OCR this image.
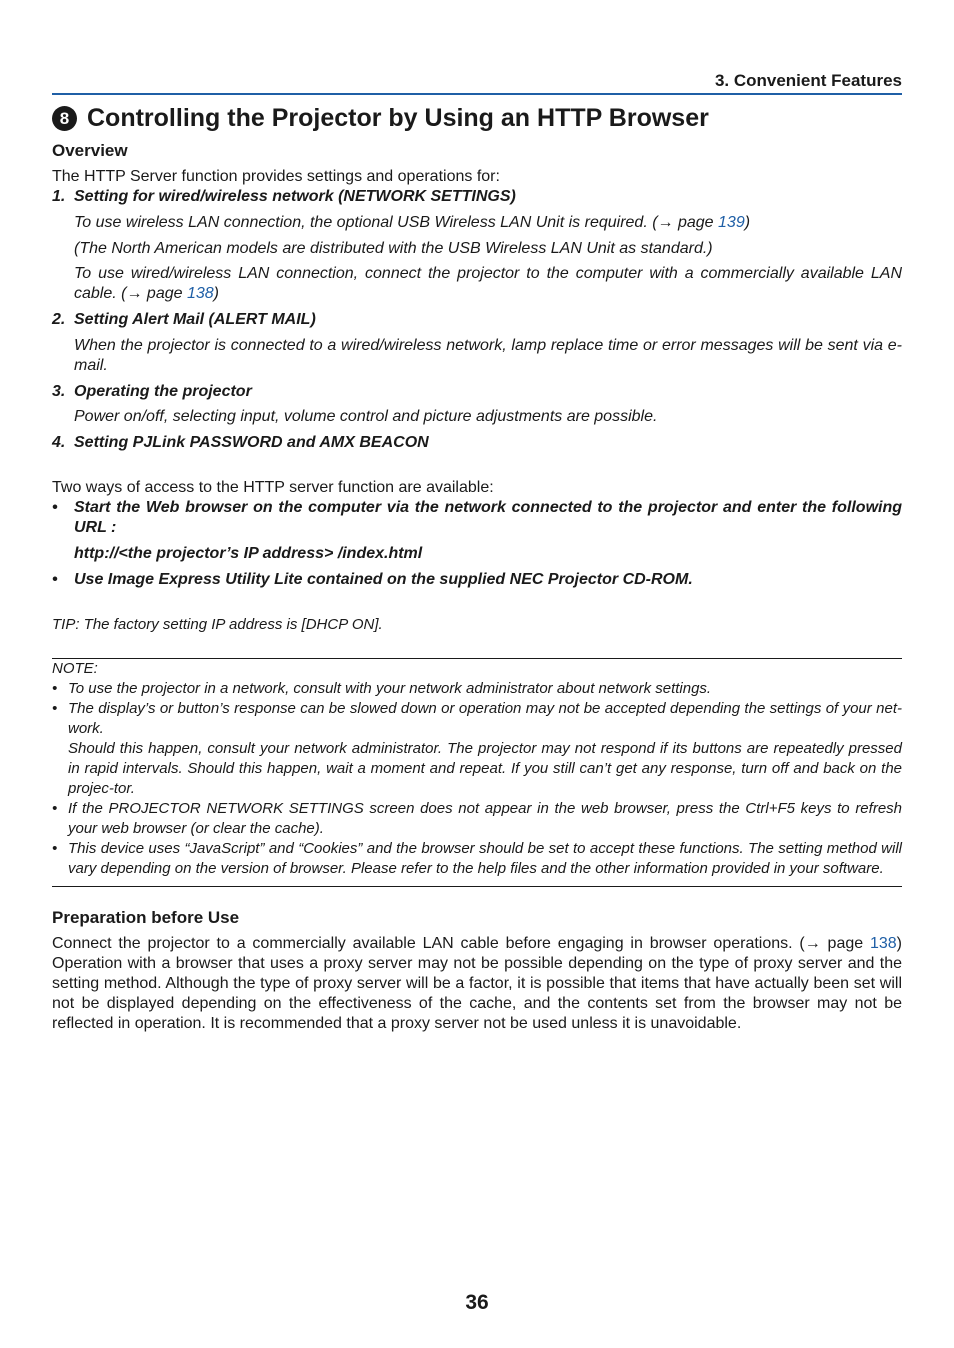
3. Convenient Features
8 Controlling the Projector by Using an HTTP Browser
Overview
The HTTP Server function provides settings and operations for:
1. Setting for wired/wireless network (NETWORK SETTINGS)
To use wireless LAN connection, the optional USB Wireless LAN Unit is required. (→ page 139)
(The North American models are distributed with the USB Wireless LAN Unit as standard.)
To use wired/wireless LAN connection, connect the projector to the computer with a commercially available LAN cable. (→ page 138)
2. Setting Alert Mail (ALERT MAIL)
When the projector is connected to a wired/wireless network, lamp replace time or error messages will be sent via e-mail.
3. Operating the projector
Power on/off, selecting input, volume control and picture adjustments are possible.
4. Setting PJLink PASSWORD and AMX BEACON
Two ways of access to the HTTP server function are available:
• Start the Web browser on the computer via the network connected to the projector and enter the following URL :
http://<the projector’s IP address> /index.html
• Use Image Express Utility Lite contained on the supplied NEC Projector CD-ROM.
TIP: The factory setting IP address is [DHCP ON].
NOTE:
• To use the projector in a network, consult with your network administrator about network settings.
• The display’s or button’s response can be slowed down or operation may not be accepted depending the settings of your net-work.
Should this happen, consult your network administrator. The projector may not respond if its buttons are repeatedly pressed in rapid intervals. Should this happen, wait a moment and repeat. If you still can’t get any response, turn off and back on the projec-tor.
• If the PROJECTOR NETWORK SETTINGS screen does not appear in the web browser, press the Ctrl+F5 keys to refresh your web browser (or clear the cache).
• This device uses “JavaScript” and “Cookies” and the browser should be set to accept these functions. The setting method will vary depending on the version of browser. Please refer to the help files and the other information provided in your software.
Preparation before Use
Connect the projector to a commercially available LAN cable before engaging in browser operations. (→ page 138) Operation with a browser that uses a proxy server may not be possible depending on the type of proxy server and the setting method. Although the type of proxy server will be a factor, it is possible that items that have actually been set will not be displayed depending on the effectiveness of the cache, and the contents set from the browser may not be reflected in operation. It is recommended that a proxy server not be used unless it is unavoidable.
36
